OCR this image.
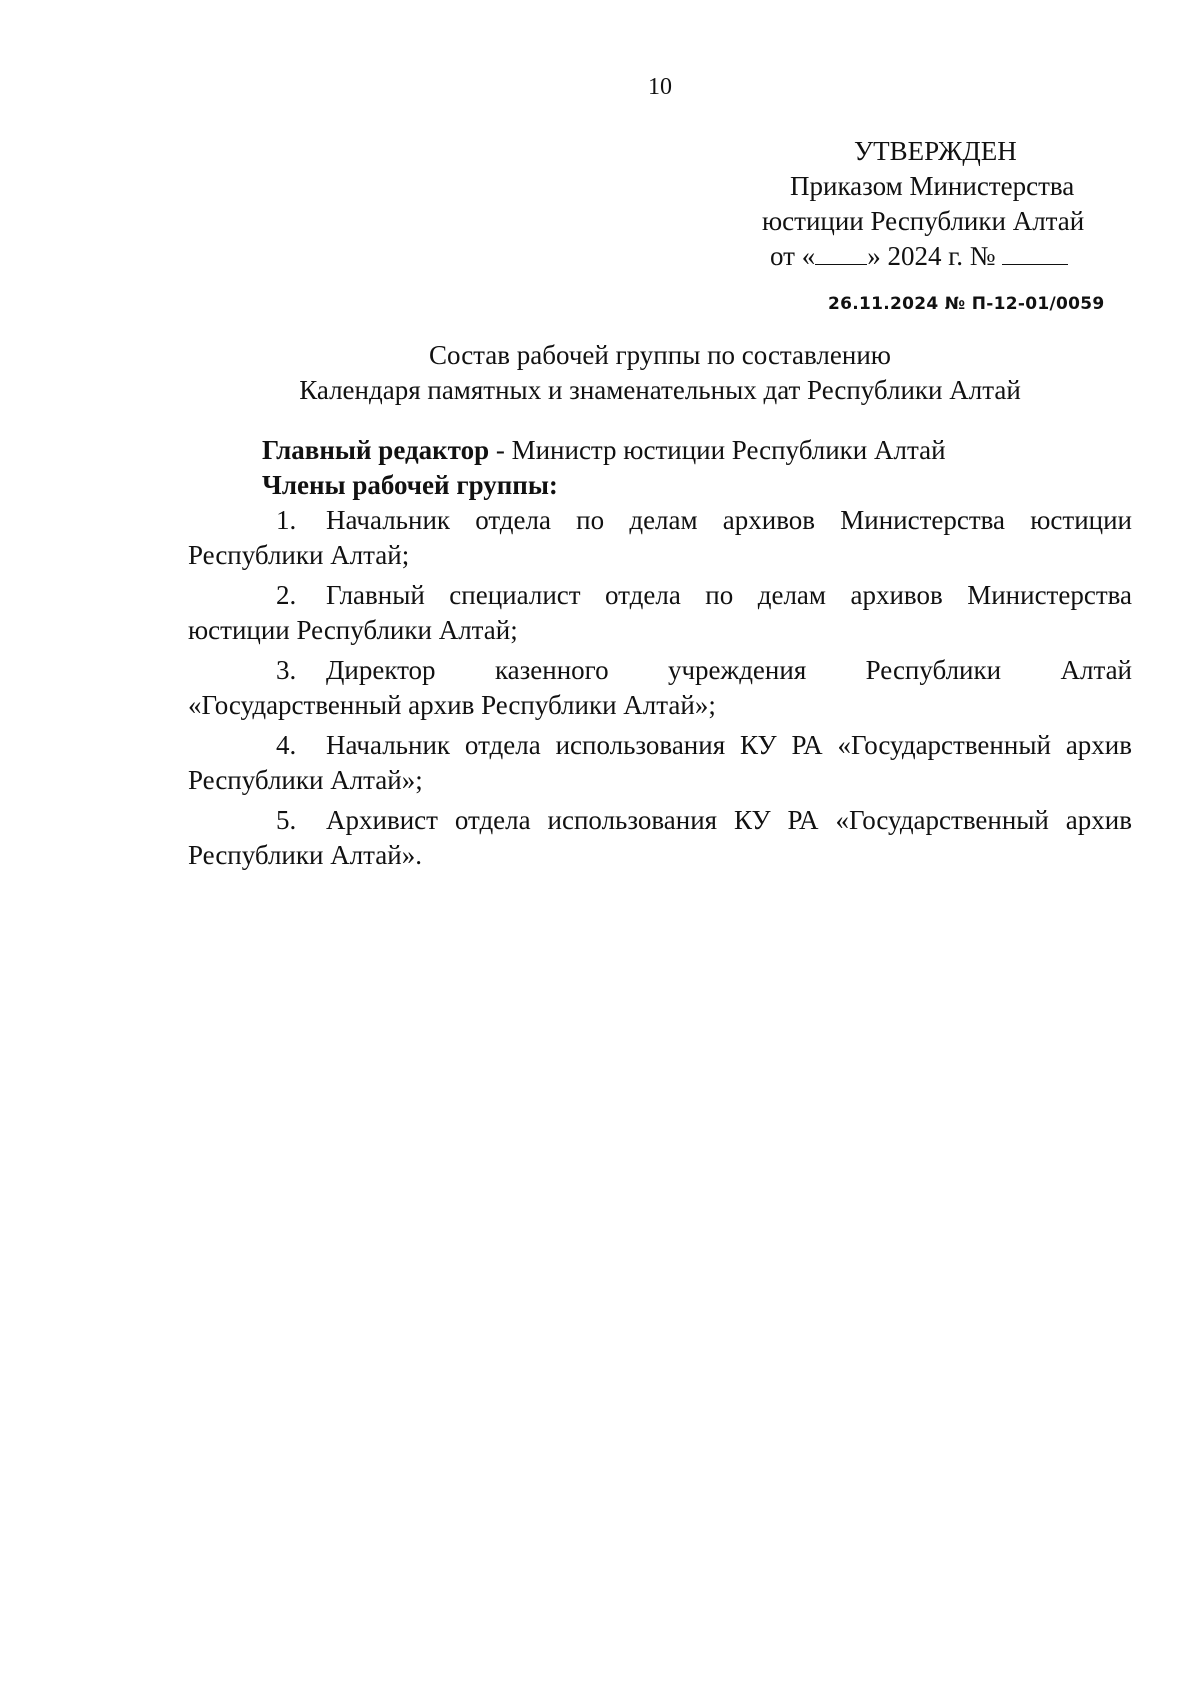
10
УТВЕРЖДЕН
Приказом Министерства
юстиции Республики Алтай
от « » 2024 г. №
26.11.2024 № П-12-01/0059
Состав рабочей группы по составлению
Календаря памятных и знаменательных дат Республики Алтай
Главный редактор - Министр юстиции Республики Алтай
Члены рабочей группы:
1. Начальник отдела по делам архивов Министерства юстиции Республики Алтай;
2. Главный специалист отдела по делам архивов Министерства юстиции Республики Алтай;
3. Директор казенного учреждения Республики Алтай «Государственный архив Республики Алтай»;
4. Начальник отдела использования КУ РА «Государственный архив Республики Алтай»;
5. Архивист отдела использования КУ РА «Государственный архив Республики Алтай».
